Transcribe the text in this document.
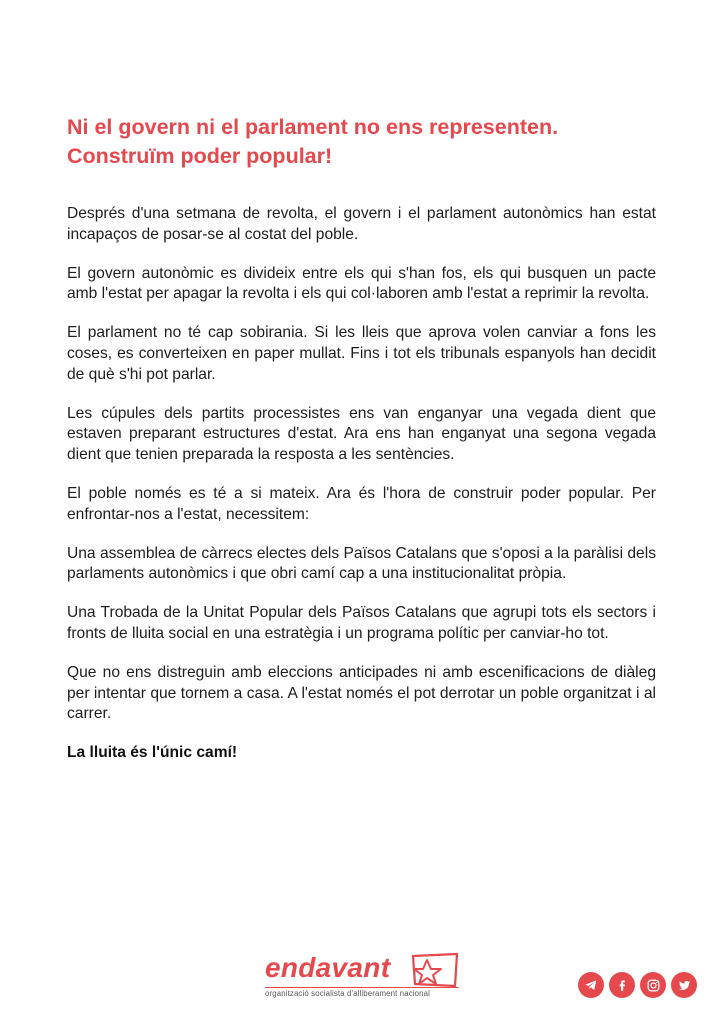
Ni el govern ni el parlament no ens representen.
Construïm poder popular!

Després d'una setmana de revolta, el govern i el parlament autonòmics han estat incapaços de posar-se al costat del poble.

El govern autonòmic es divideix entre els qui s'han fos, els qui busquen un pacte amb l'estat per apagar la revolta i els qui col·laboren amb l'estat a reprimir la revolta.

El parlament no té cap sobirania. Si les lleis que aprova volen canviar a fons les coses, es converteixen en paper mullat. Fins i tot els tribunals espanyols han decidit de què s'hi pot parlar.

Les cúpules dels partits processistes ens van enganyar una vegada dient que estaven preparant estructures d'estat. Ara ens han enganyat una segona vegada dient que tenien preparada la resposta a les sentències.

El poble només es té a si mateix. Ara és l'hora de construir poder popular. Per enfrontar-nos a l'estat, necessitem:

Una assemblea de càrrecs electes dels Països Catalans que s'oposi a la paràlisi dels parlaments autonòmics i que obri camí cap a una institucionalitat pròpia.

Una Trobada de la Unitat Popular dels Països Catalans que agrupi tots els sectors i fronts de lluita social en una estratègia i un programa polític per canviar-ho tot.

Que no ens distreguin amb eleccions anticipades ni amb escenificacions de diàleg per intentar que tornem a casa. A l'estat només el pot derrotar un poble organitzat i al carrer.

La lluita és l'únic camí!

endavant
organització socialista d'alliberament nacional
